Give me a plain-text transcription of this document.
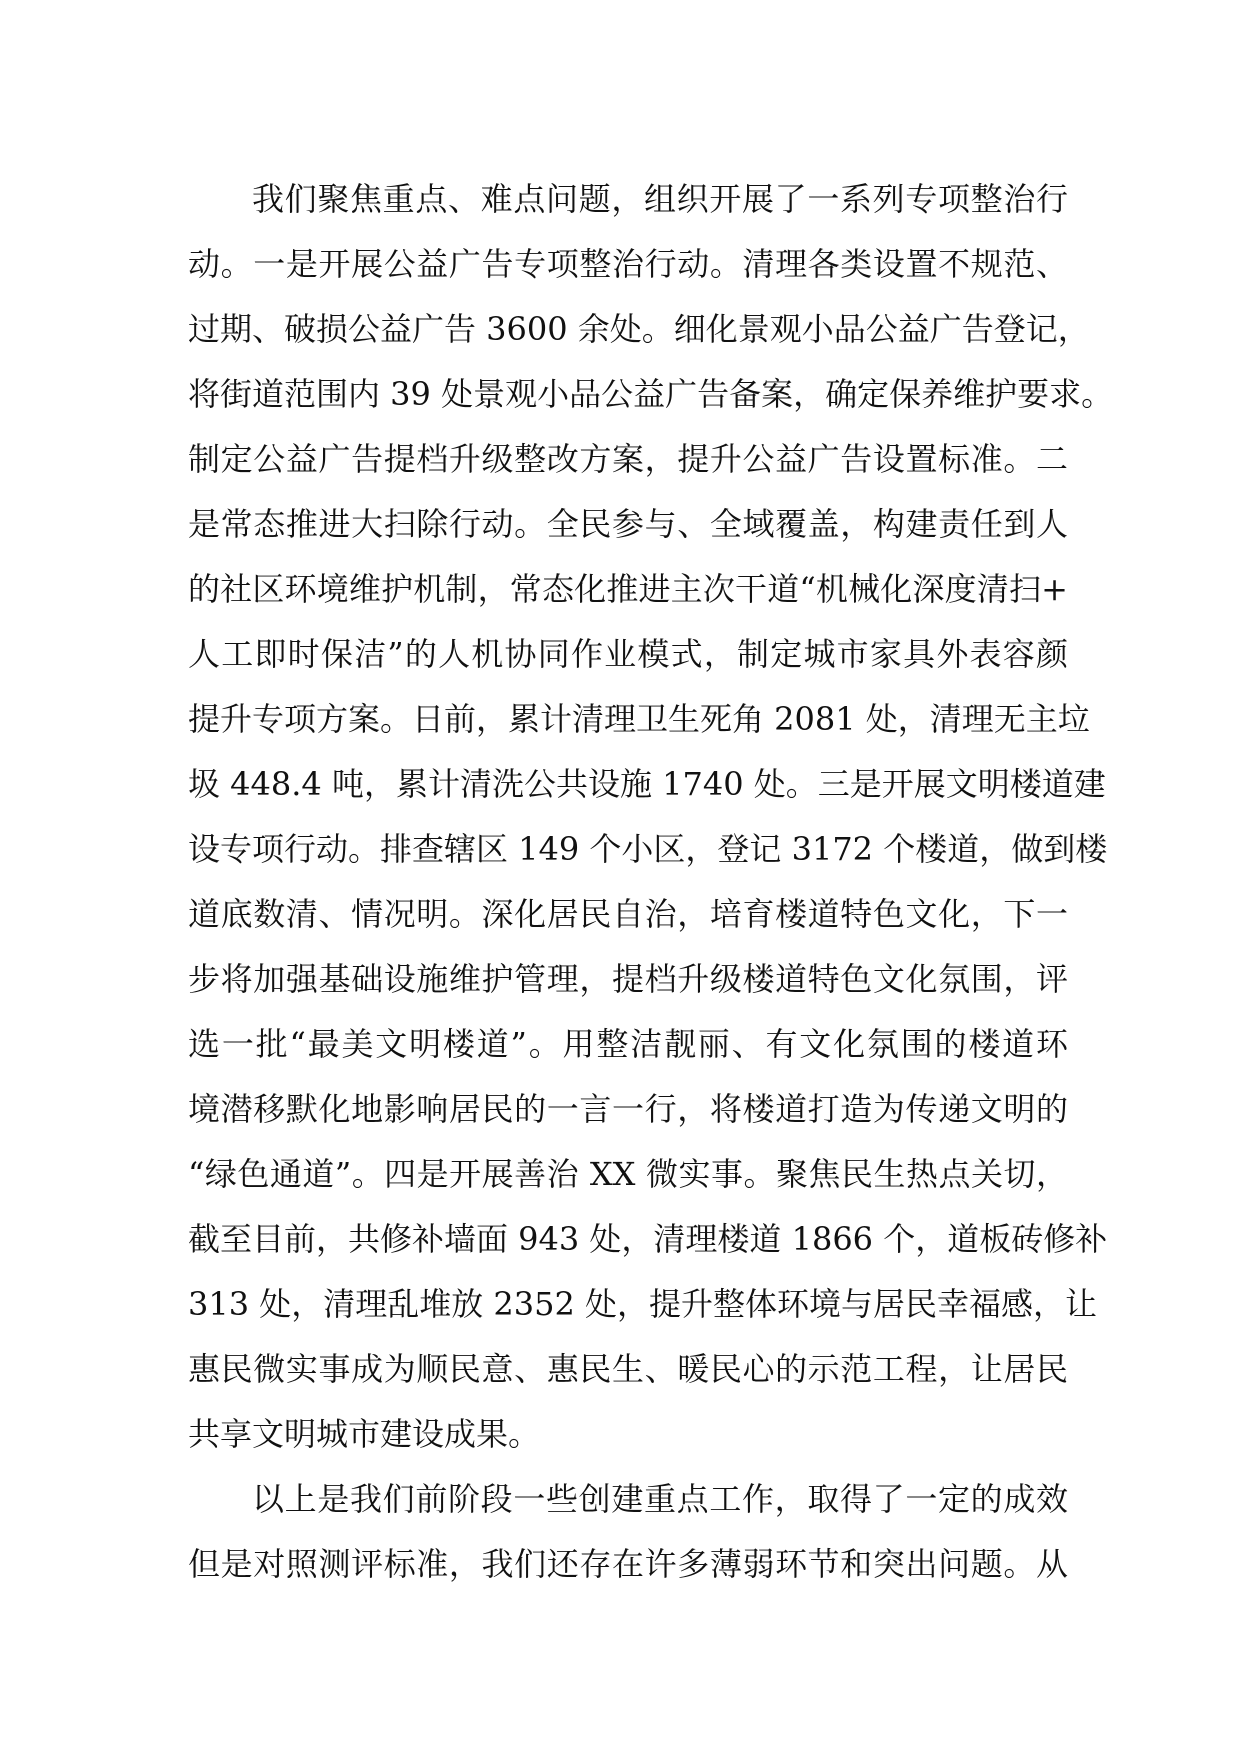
我们聚焦重点、难点问题，组织开展了一系列专项整治行
动。一是开展公益广告专项整治行动。清理各类设置不规范、
过期、破损公益广告 3600 余处。细化景观小品公益广告登记，
将街道范围内 39 处景观小品公益广告备案，确定保养维护要求。
制定公益广告提档升级整改方案，提升公益广告设置标准。二
是常态推进大扫除行动。全民参与、全域覆盖，构建责任到人
的社区环境维护机制，常态化推进主次干道“机械化深度清扫+
人工即时保洁”的人机协同作业模式，制定城市家具外表容颜
提升专项方案。日前，累计清理卫生死角 2081 处，清理无主垃
圾 448.4 吨，累计清洗公共设施 1740 处。三是开展文明楼道建
设专项行动。排查辖区 149 个小区，登记 3172 个楼道，做到楼
道底数清、情况明。深化居民自治，培育楼道特色文化，下一
步将加强基础设施维护管理，提档升级楼道特色文化氛围，评
选一批“最美文明楼道”。用整洁靓丽、有文化氛围的楼道环
境潜移默化地影响居民的一言一行，将楼道打造为传递文明的
“绿色通道”。四是开展善治 XX 微实事。聚焦民生热点关切，
截至目前，共修补墙面 943 处，清理楼道 1866 个，道板砖修补
313 处，清理乱堆放 2352 处，提升整体环境与居民幸福感，让
惠民微实事成为顺民意、惠民生、暖民心的示范工程，让居民
共享文明城市建设成果。
以上是我们前阶段一些创建重点工作，取得了一定的成效
但是对照测评标准，我们还存在许多薄弱环节和突出问题。从
